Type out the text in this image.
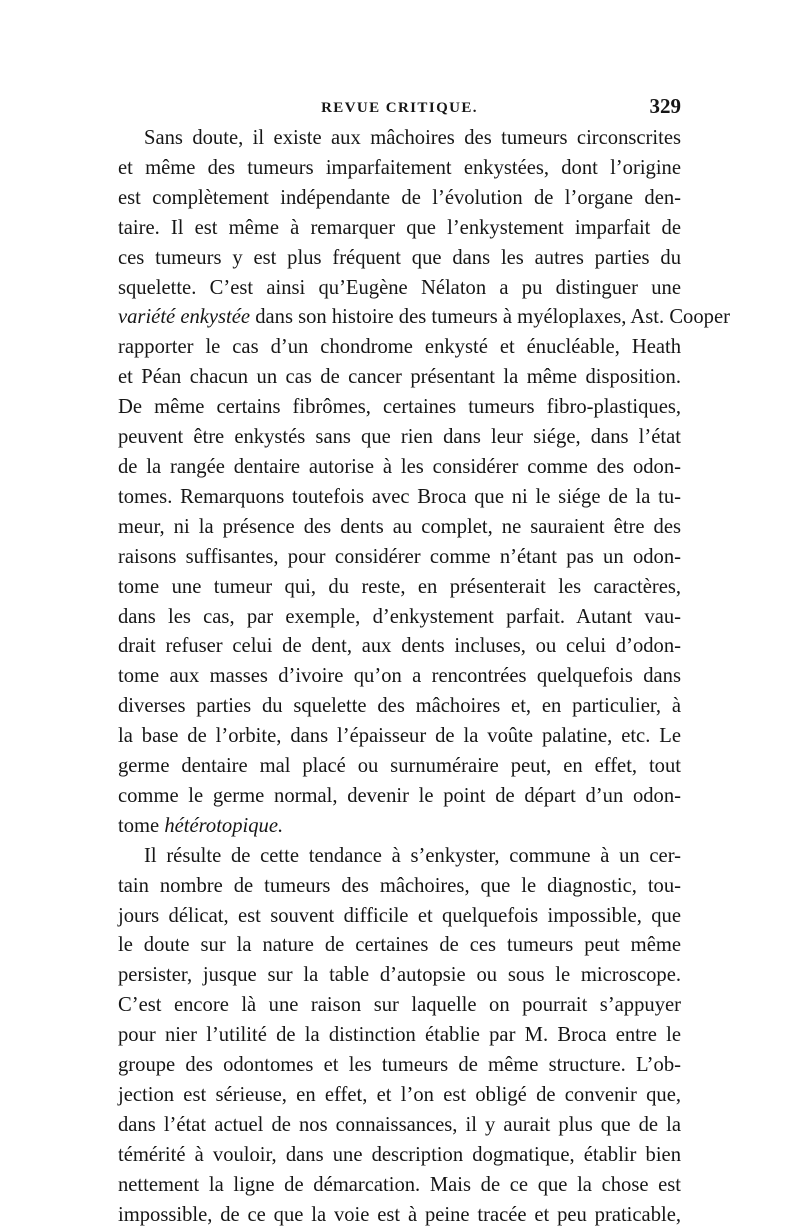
REVUE CRITIQUE.	329

Sans doute, il existe aux mâchoires des tumeurs circonscrites
et même des tumeurs imparfaitement enkystées, dont l’origine
est complètement indépendante de l’évolution de l’organe den-
taire. Il est même à remarquer que l’enkystement imparfait de
ces tumeurs y est plus fréquent que dans les autres parties du
squelette. C’est ainsi qu’Eugène Nélaton a pu distinguer une
variété enkystée dans son histoire des tumeurs à myéloplaxes, Ast. Cooper
rapporter le cas d’un chondrome enkysté et énucléable, Heath
et Péan chacun un cas de cancer présentant la même disposition.
De même certains fibrômes, certaines tumeurs fibro-plastiques,
peuvent être enkystés sans que rien dans leur siége, dans l’état
de la rangée dentaire autorise à les considérer comme des odon-
tomes. Remarquons toutefois avec Broca que ni le siége de la tu-
meur, ni la présence des dents au complet, ne sauraient être des
raisons suffisantes, pour considérer comme n’étant pas un odon-
tome une tumeur qui, du reste, en présenterait les caractères,
dans les cas, par exemple, d’enkystement parfait. Autant vau-
drait refuser celui de dent, aux dents incluses, ou celui d’odon-
tome aux masses d’ivoire qu’on a rencontrées quelquefois dans
diverses parties du squelette des mâchoires et, en particulier, à
la base de l’orbite, dans l’épaisseur de la voûte palatine, etc. Le
germe dentaire mal placé ou surnuméraire peut, en effet, tout
comme le germe normal, devenir le point de départ d’un odon-
tome hétérotopique.

Il résulte de cette tendance à s’enkyster, commune à un cer-
tain nombre de tumeurs des mâchoires, que le diagnostic, tou-
jours délicat, est souvent difficile et quelquefois impossible, que
le doute sur la nature de certaines de ces tumeurs peut même
persister, jusque sur la table d’autopsie ou sous le microscope.
C’est encore là une raison sur laquelle on pourrait s’appuyer
pour nier l’utilité de la distinction établie par M. Broca entre le
groupe des odontomes et les tumeurs de même structure. L’ob-
jection est sérieuse, en effet, et l’on est obligé de convenir que,
dans l’état actuel de nos connaissances, il y aurait plus que de la
témérité à vouloir, dans une description dogmatique, établir bien
nettement la ligne de démarcation. Mais de ce que la chose est
impossible, de ce que la voie est à peine tracée et peu praticable,
